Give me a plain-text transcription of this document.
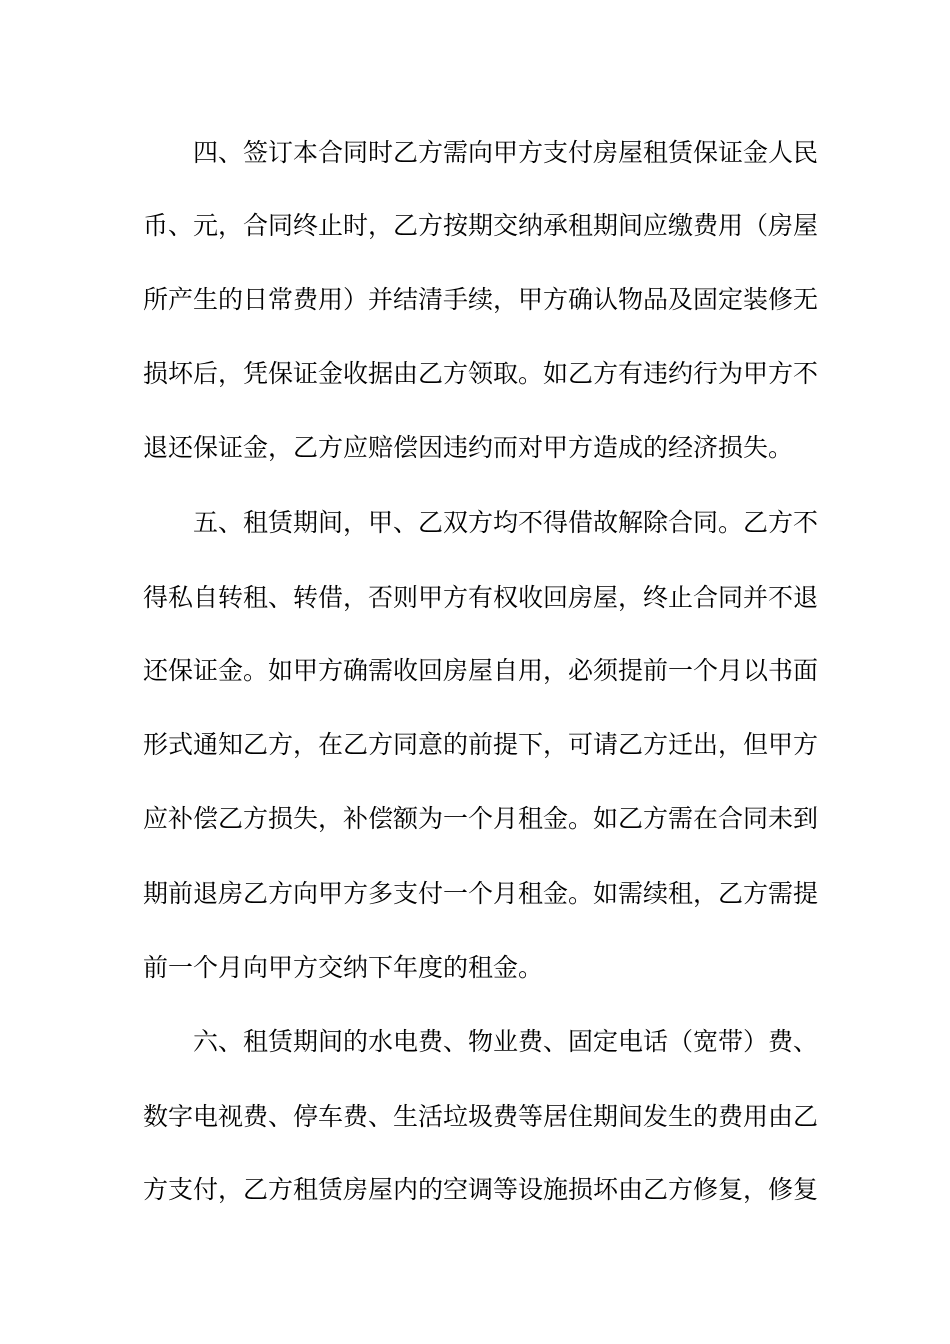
四、签订本合同时乙方需向甲方支付房屋租赁保证金人民
币、元，合同终止时，乙方按期交纳承租期间应缴费用（房屋
所产生的日常费用）并结清手续，甲方确认物品及固定装修无
损坏后，凭保证金收据由乙方领取。如乙方有违约行为甲方不
退还保证金，乙方应赔偿因违约而对甲方造成的经济损失。
五、租赁期间，甲、乙双方均不得借故解除合同。乙方不
得私自转租、转借，否则甲方有权收回房屋，终止合同并不退
还保证金。如甲方确需收回房屋自用，必须提前一个月以书面
形式通知乙方，在乙方同意的前提下，可请乙方迁出，但甲方
应补偿乙方损失，补偿额为一个月租金。如乙方需在合同未到
期前退房乙方向甲方多支付一个月租金。如需续租，乙方需提
前一个月向甲方交纳下年度的租金。
六、租赁期间的水电费、物业费、固定电话（宽带）费、
数字电视费、停车费、生活垃圾费等居住期间发生的费用由乙
方支付，乙方租赁房屋内的空调等设施损坏由乙方修复，修复
